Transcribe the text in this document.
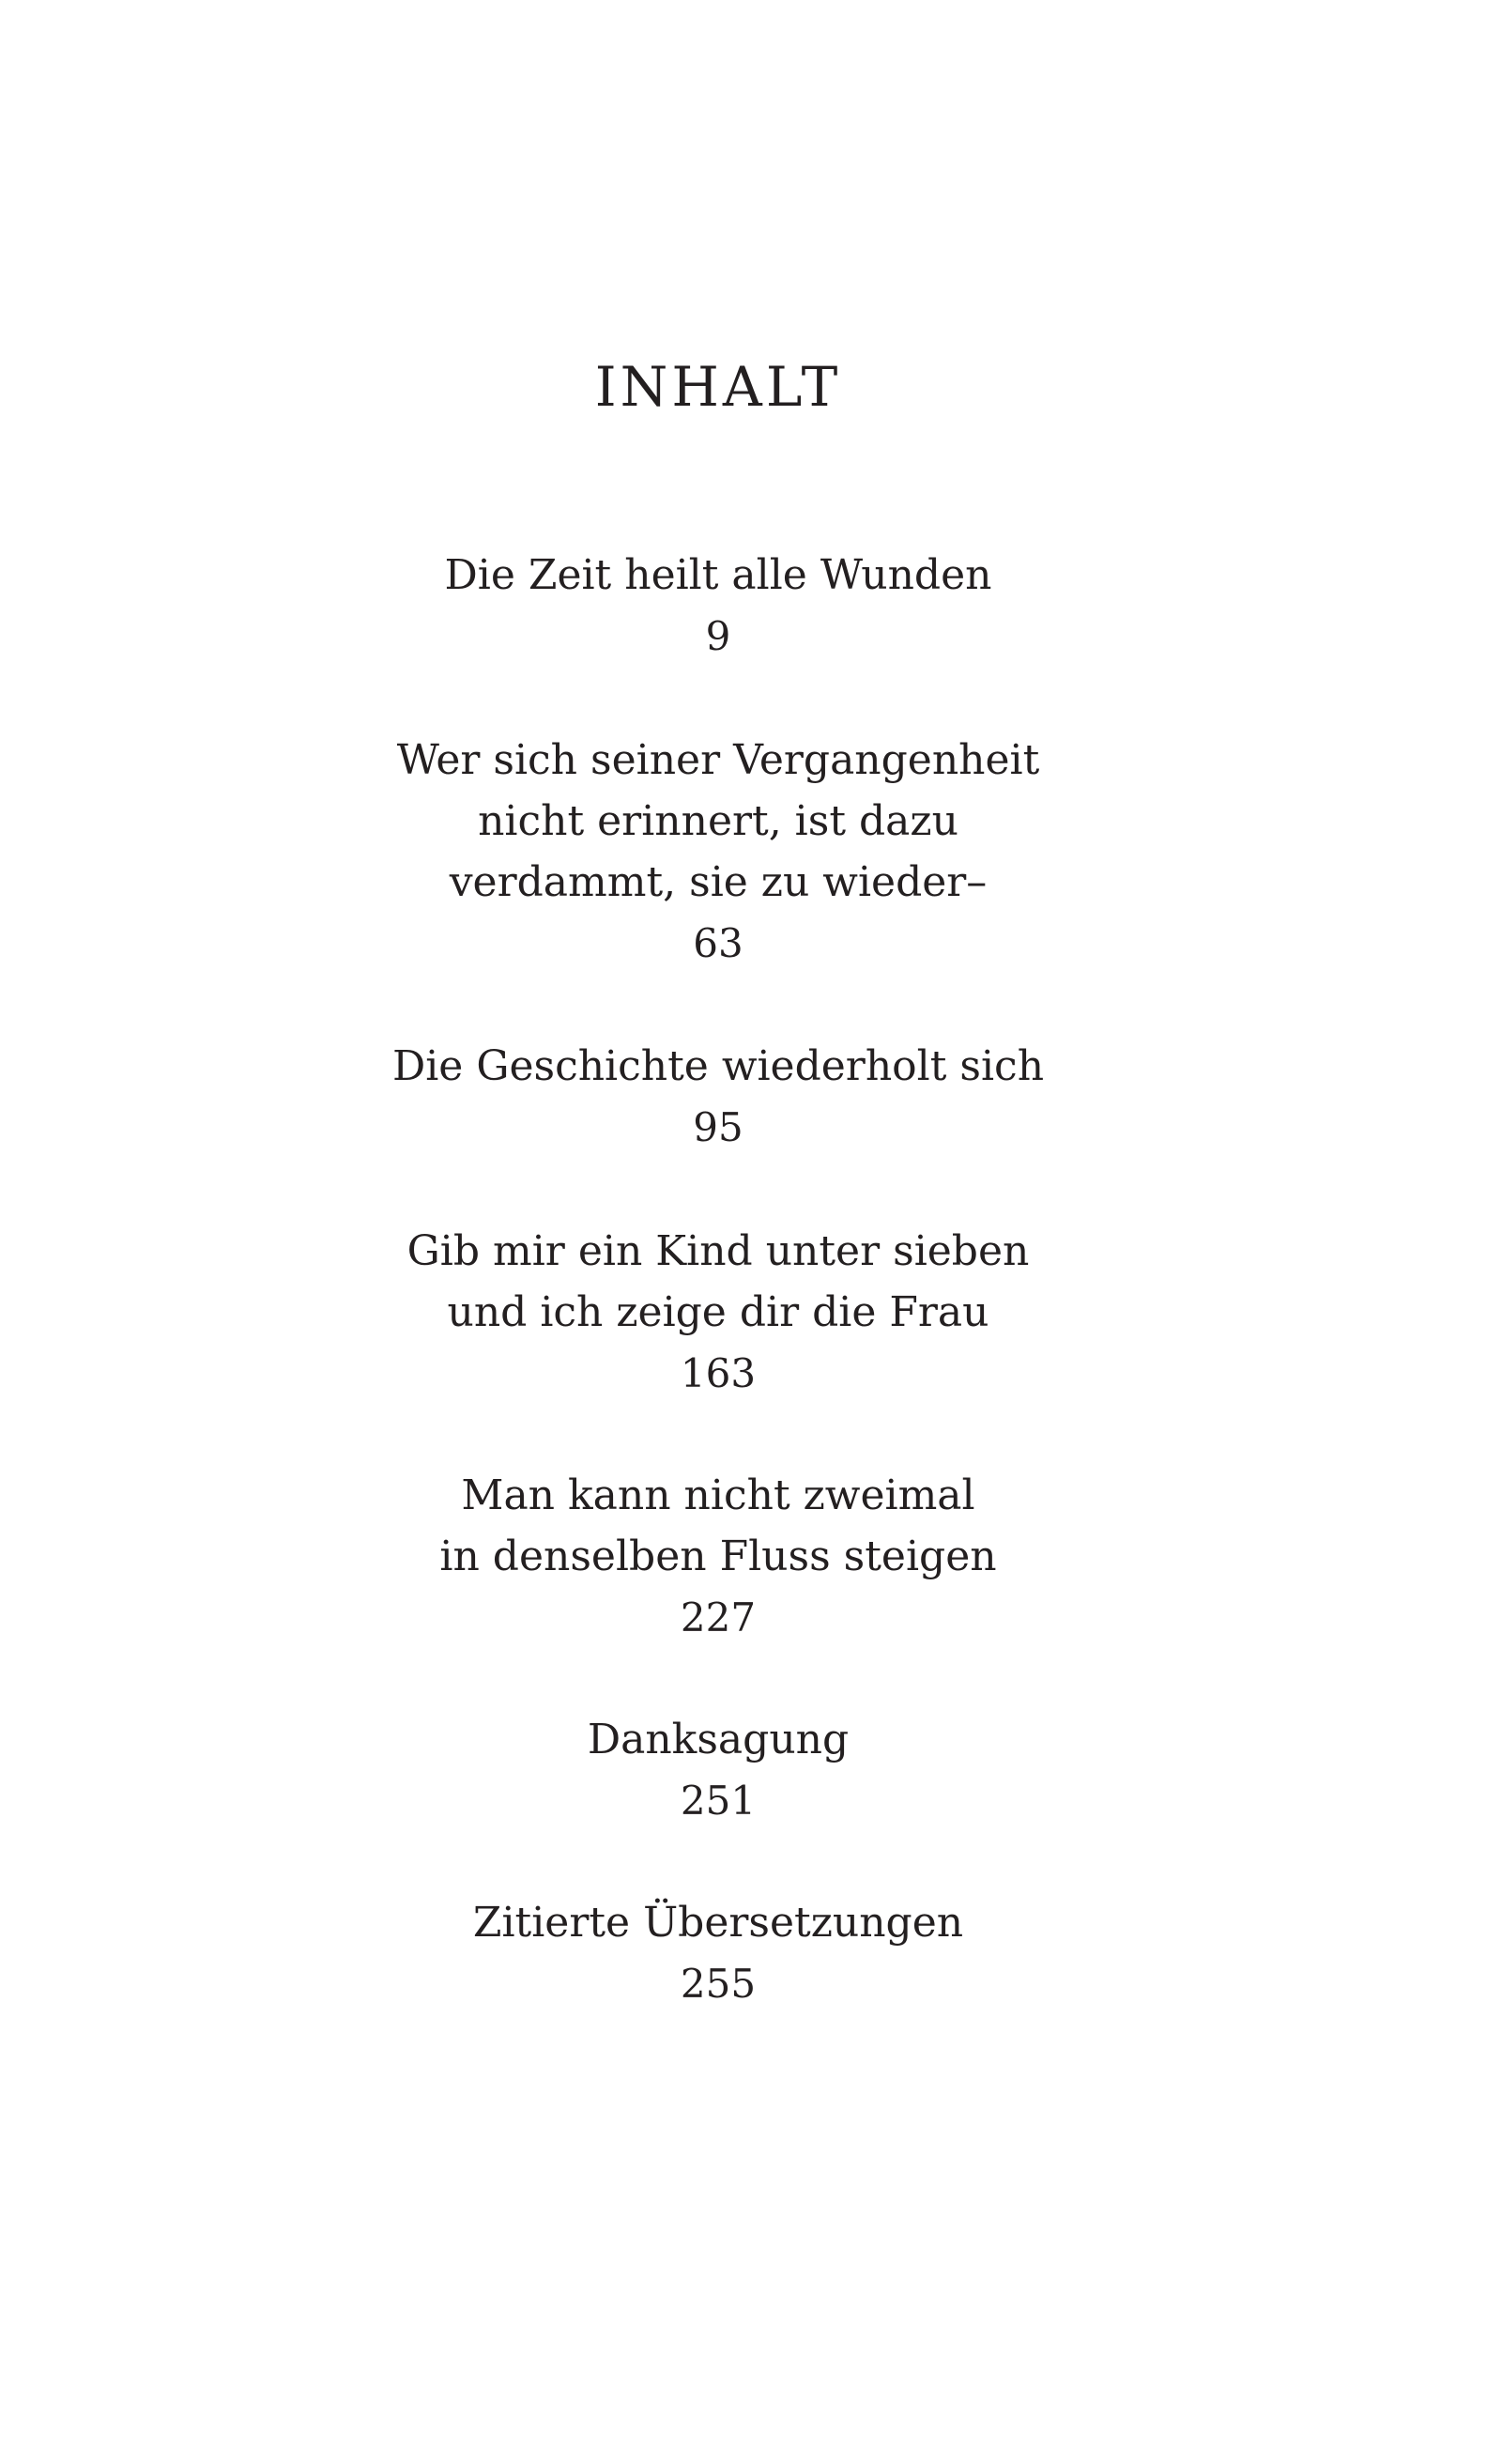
INHALT
Die Zeit heilt alle Wunden
9
Wer sich seiner Vergangenheit
nicht erinnert, ist dazu
verdammt, sie zu wieder–
63
Die Geschichte wiederholt sich
95
Gib mir ein Kind unter sieben
und ich zeige dir die Frau
163
Man kann nicht zweimal
in denselben Fluss steigen
227
Danksagung
251
Zitierte Übersetzungen
255
